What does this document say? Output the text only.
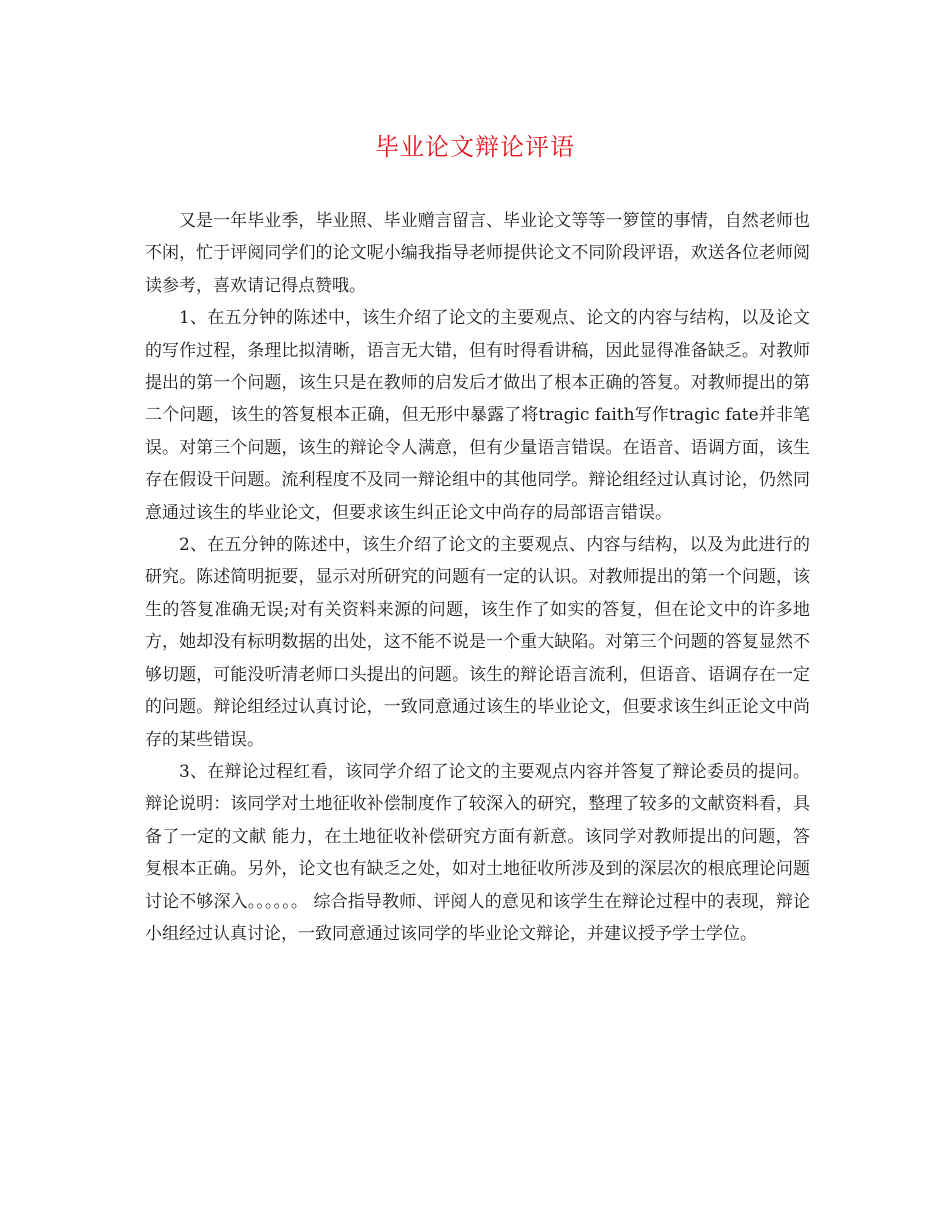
毕业论文辩论评语

又是一年毕业季，毕业照、毕业赠言留言、毕业论文等等一箩筐的事情，自然老师也不闲，忙于评阅同学们的论文呢小编我指导老师提供论文不同阶段评语，欢送各位老师阅读参考，喜欢请记得点赞哦。

1、在五分钟的陈述中，该生介绍了论文的主要观点、论文的内容与结构，以及论文的写作过程，条理比拟清晰，语言无大错，但有时得看讲稿，因此显得准备缺乏。对教师提出的第一个问题，该生只是在教师的启发后才做出了根本正确的答复。对教师提出的第二个问题，该生的答复根本正确，但无形中暴露了将tragic faith写作tragic fate并非笔误。对第三个问题，该生的辩论令人满意，但有少量语言错误。在语音、语调方面，该生存在假设干问题。流利程度不及同一辩论组中的其他同学。辩论组经过认真讨论，仍然同意通过该生的毕业论文，但要求该生纠正论文中尚存的局部语言错误。

2、在五分钟的陈述中，该生介绍了论文的主要观点、内容与结构，以及为此进行的研究。陈述简明扼要，显示对所研究的问题有一定的认识。对教师提出的第一个问题，该生的答复准确无误;对有关资料来源的问题，该生作了如实的答复，但在论文中的许多地方，她却没有标明数据的出处，这不能不说是一个重大缺陷。对第三个问题的答复显然不够切题，可能没听清老师口头提出的问题。该生的辩论语言流利，但语音、语调存在一定的问题。辩论组经过认真讨论，一致同意通过该生的毕业论文，但要求该生纠正论文中尚存的某些错误。

3、在辩论过程红看，该同学介绍了论文的主要观点内容并答复了辩论委员的提问。辩论说明：该同学对土地征收补偿制度作了较深入的研究，整理了较多的文献资料看，具备了一定的文献 能力，在土地征收补偿研究方面有新意。该同学对教师提出的问题，答复根本正确。另外，论文也有缺乏之处，如对土地征收所涉及到的深层次的根底理论问题讨论不够深入。。。。。。 综合指导教师、评阅人的意见和该学生在辩论过程中的表现，辩论小组经过认真讨论，一致同意通过该同学的毕业论文辩论，并建议授予学士学位。
